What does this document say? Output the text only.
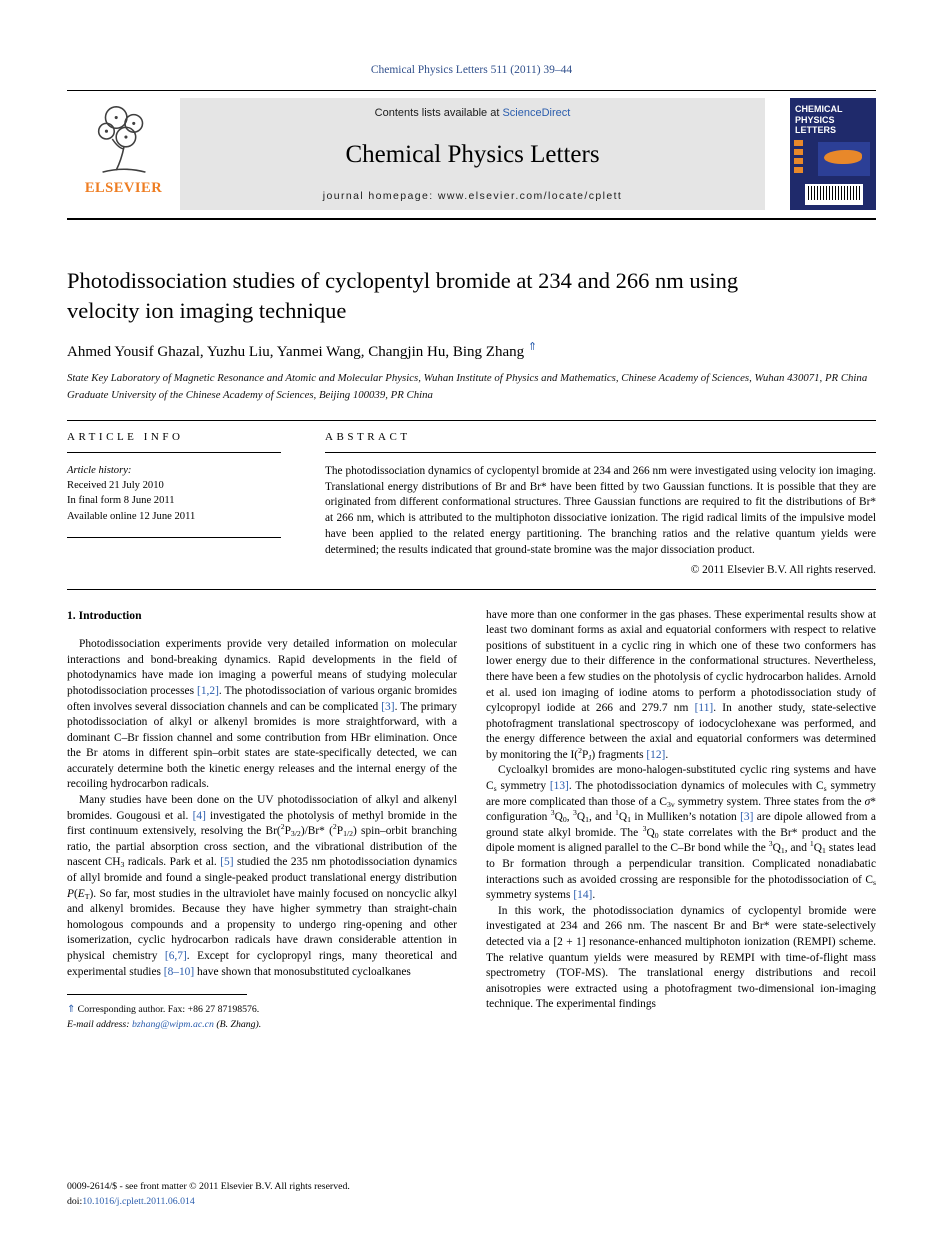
Chemical Physics Letters 511 (2011) 39–44
ELSEVIER
Contents lists available at ScienceDirect
Chemical Physics Letters
journal homepage: www.elsevier.com/locate/cplett
CHEMICAL
PHYSICS
LETTERS
Photodissociation studies of cyclopentyl bromide at 234 and 266 nm using velocity ion imaging technique
Ahmed Yousif Ghazal, Yuzhu Liu, Yanmei Wang, Changjin Hu, Bing Zhang ⇑
State Key Laboratory of Magnetic Resonance and Atomic and Molecular Physics, Wuhan Institute of Physics and Mathematics, Chinese Academy of Sciences, Wuhan 430071, PR China
Graduate University of the Chinese Academy of Sciences, Beijing 100039, PR China
ARTICLE INFO
Article history:
Received 21 July 2010
In final form 8 June 2011
Available online 12 June 2011
ABSTRACT
The photodissociation dynamics of cyclopentyl bromide at 234 and 266 nm were investigated using velocity ion imaging. Translational energy distributions of Br and Br* have been fitted by two Gaussian functions. It is possible that they are originated from different conformational structures. Three Gaussian functions are required to fit the distributions of Br* at 266 nm, which is attributed to the multiphoton dissociative ionization. The rigid radical limits of the impulsive model have been applied to the related energy partitioning. The branching ratios and the relative quantum yields were determined; the results indicated that ground-state bromine was the major dissociation product.
© 2011 Elsevier B.V. All rights reserved.
1. Introduction

Photodissociation experiments provide very detailed information on molecular interactions and bond-breaking dynamics. Rapid developments in the field of photodynamics have made ion imaging a powerful means of studying molecular photodissociation processes [1,2]. The photodissociation of various organic bromides often involves several dissociation channels and can be complicated [3]. The primary photodissociation of alkyl or alkenyl bromides is more straightforward, with a dominant C–Br fission channel and some contribution from HBr elimination. Once the Br atoms in different spin–orbit states are state-specifically detected, we can accurately determine both the kinetic energy releases and the internal energy of the recoiling hydrocarbon radicals.

Many studies have been done on the UV photodissociation of alkyl and alkenyl bromides. Gougousi et al. [4] investigated the photolysis of methyl bromide in the first continuum extensively, resolving the $Br(^2P_{3/2})/Br*$ $(^2P_{1/2})$ spin–orbit branching ratio, the partial absorption cross section, and the vibrational distribution of the nascent $CH_3$ radicals. Park et al. [5] studied the 235 nm photodissociation dynamics of allyl bromide and found a single-peaked product translational energy distribution $P(E_T)$. So far, most studies in the ultraviolet have mainly focused on noncyclic alkyl and alkenyl bromides. Because they have higher symmetry than straight-chain homologous compounds and a propensity to undergo ring-opening and other isomerization, cyclic hydrocarbon radicals have drawn considerable attention in physical chemistry [6,7]. Except for cyclopropyl rings, many theoretical and experimental studies [8–10] have shown that monosubstituted cycloalkanes

⇑ Corresponding author. Fax: +86 27 87198576.
E-mail address: bzhang@wipm.ac.cn (B. Zhang).

have more than one conformer in the gas phases. These experimental results show at least two dominant forms as axial and equatorial conformers with respect to relative positions of substituent in a cyclic ring in which one of these two conformers has lower energy due to their difference in the conformational structures. Nevertheless, there have been a few studies on the photolysis of cyclic hydrocarbon halides. Arnold et al. used ion imaging of iodine atoms to perform a photodissociation study of cylcopropyl iodide at 266 and 279.7 nm [11]. In another study, state-selective photofragment translational spectroscopy of iodocyclohexane was performed, and the energy difference between the axial and equatorial conformers was determined by monitoring the $I(^2P_J)$ fragments [12].

Cycloalkyl bromides are mono-halogen-substituted cyclic ring systems and have $C_s$ symmetry [13]. The photodissociation dynamics of molecules with $C_s$ symmetry are more complicated than those of a $C_{3v}$ symmetry system. Three states from the σ* configuration $^3Q_0$, $^3Q_1$, and $^1Q_1$ in Mulliken’s notation [3] are dipole allowed from a ground state alkyl bromide. The $^3Q_0$ state correlates with the Br* product and the dipole moment is aligned parallel to the C–Br bond while the $^3Q_1$, and $^1Q_1$ states lead to Br formation through a perpendicular transition. Complicated nonadiabatic interactions such as avoided crossing are responsible for the photodissociation of $C_s$ symmetry systems [14].

In this work, the photodissociation dynamics of cyclopentyl bromide were investigated at 234 and 266 nm. The nascent Br and Br* were state-selectively detected via a [2 + 1] resonance-enhanced multiphoton ionization (REMPI) scheme. The relative quantum yields were measured by REMPI with time-of-flight mass spectrometry (TOF-MS). The translational energy distributions and recoil anisotropies were extracted using a photofragment two-dimensional ion-imaging technique. The experimental findings

0009-2614/$ - see front matter © 2011 Elsevier B.V. All rights reserved.
doi:10.1016/j.cplett.2011.06.014
